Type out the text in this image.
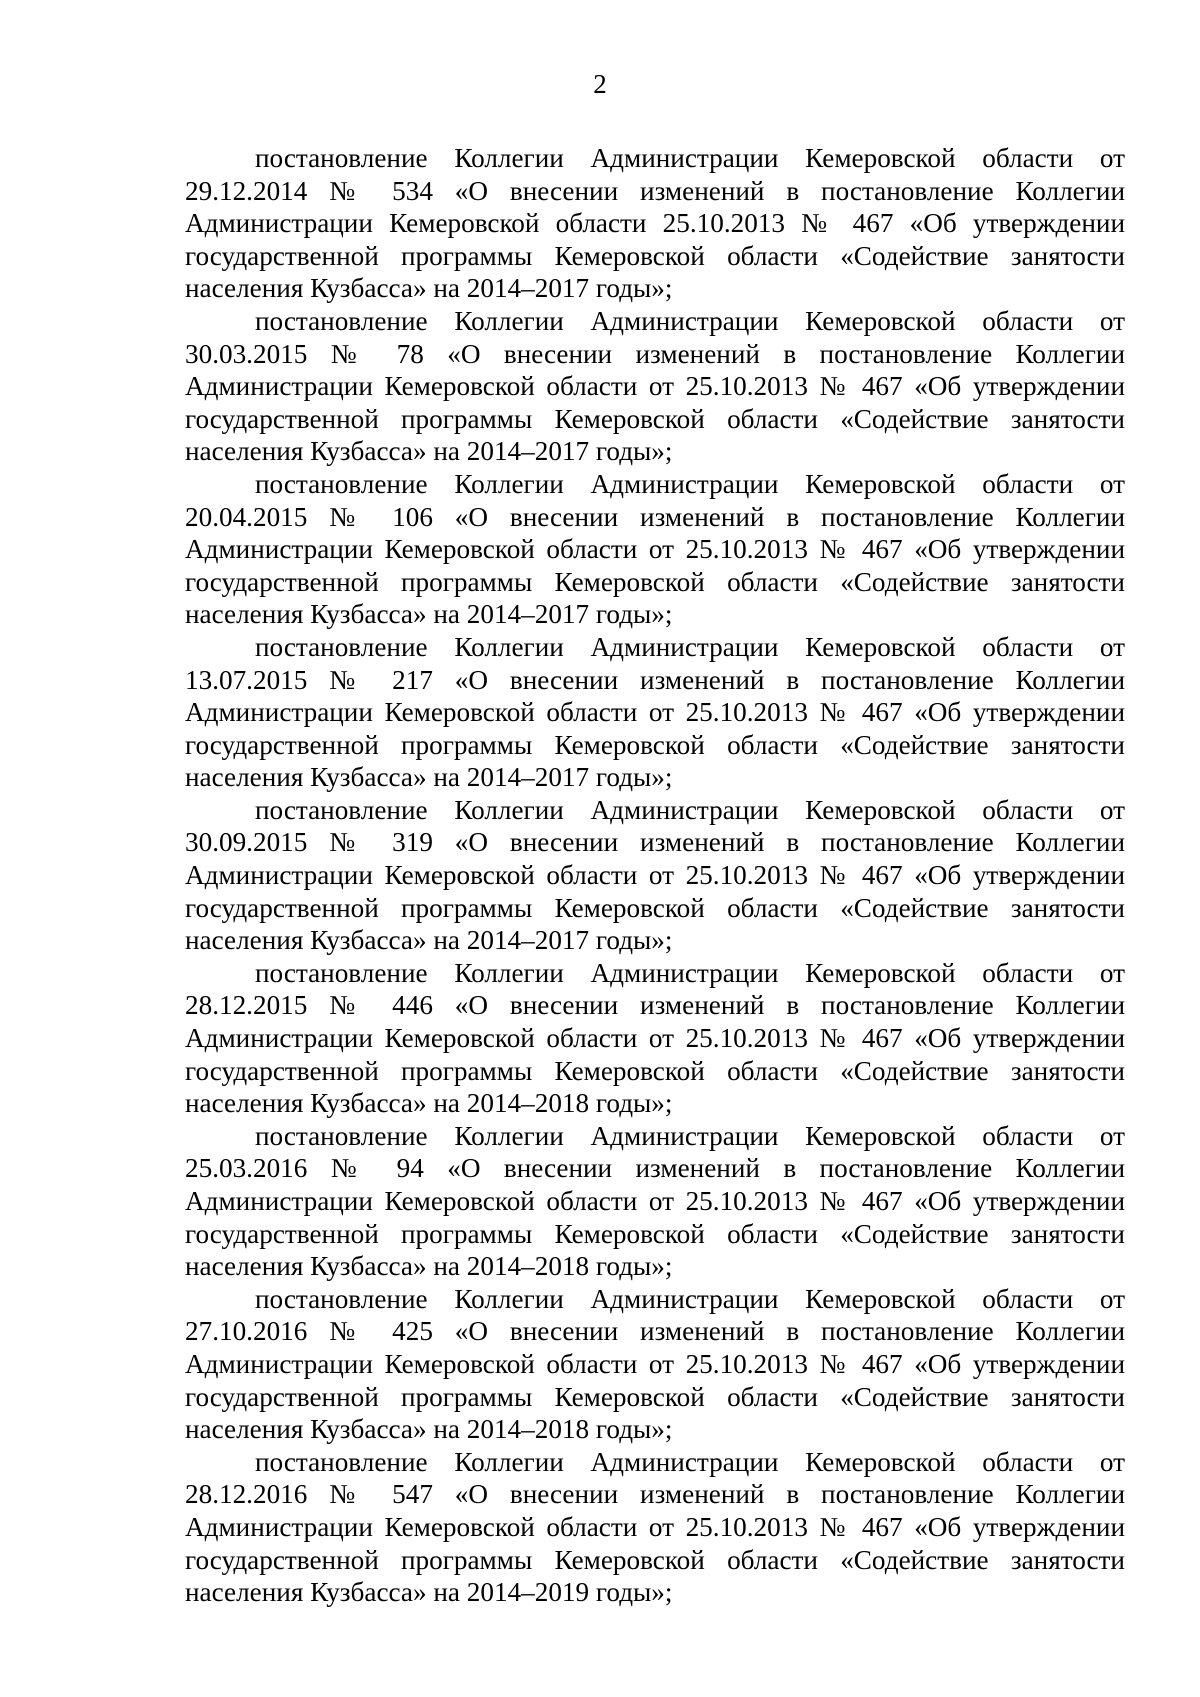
2
постановление Коллегии Администрации Кемеровской области от
29.12.2014 № 534 «О внесении изменений в постановление Коллегии
Администрации Кемеровской области 25.10.2013 № 467 «Об утверждении
государственной программы Кемеровской области «Содействие занятости
населения Кузбасса» на 2014–2017 годы»;
постановление Коллегии Администрации Кемеровской области от
30.03.2015 № 78 «О внесении изменений в постановление Коллегии
Администрации Кемеровской области от 25.10.2013 № 467 «Об утверждении
государственной программы Кемеровской области «Содействие занятости
населения Кузбасса» на 2014–2017 годы»;
постановление Коллегии Администрации Кемеровской области от
20.04.2015 № 106 «О внесении изменений в постановление Коллегии
Администрации Кемеровской области от 25.10.2013 № 467 «Об утверждении
государственной программы Кемеровской области «Содействие занятости
населения Кузбасса» на 2014–2017 годы»;
постановление Коллегии Администрации Кемеровской области от
13.07.2015 № 217 «О внесении изменений в постановление Коллегии
Администрации Кемеровской области от 25.10.2013 № 467 «Об утверждении
государственной программы Кемеровской области «Содействие занятости
населения Кузбасса» на 2014–2017 годы»;
постановление Коллегии Администрации Кемеровской области от
30.09.2015 № 319 «О внесении изменений в постановление Коллегии
Администрации Кемеровской области от 25.10.2013 № 467 «Об утверждении
государственной программы Кемеровской области «Содействие занятости
населения Кузбасса» на 2014–2017 годы»;
постановление Коллегии Администрации Кемеровской области от
28.12.2015 № 446 «О внесении изменений в постановление Коллегии
Администрации Кемеровской области от 25.10.2013 № 467 «Об утверждении
государственной программы Кемеровской области «Содействие занятости
населения Кузбасса» на 2014–2018 годы»;
постановление Коллегии Администрации Кемеровской области от
25.03.2016 № 94 «О внесении изменений в постановление Коллегии
Администрации Кемеровской области от 25.10.2013 № 467 «Об утверждении
государственной программы Кемеровской области «Содействие занятости
населения Кузбасса» на 2014–2018 годы»;
постановление Коллегии Администрации Кемеровской области от
27.10.2016 № 425 «О внесении изменений в постановление Коллегии
Администрации Кемеровской области от 25.10.2013 № 467 «Об утверждении
государственной программы Кемеровской области «Содействие занятости
населения Кузбасса» на 2014–2018 годы»;
постановление Коллегии Администрации Кемеровской области от
28.12.2016 № 547 «О внесении изменений в постановление Коллегии
Администрации Кемеровской области от 25.10.2013 № 467 «Об утверждении
государственной программы Кемеровской области «Содействие занятости
населения Кузбасса» на 2014–2019 годы»;
